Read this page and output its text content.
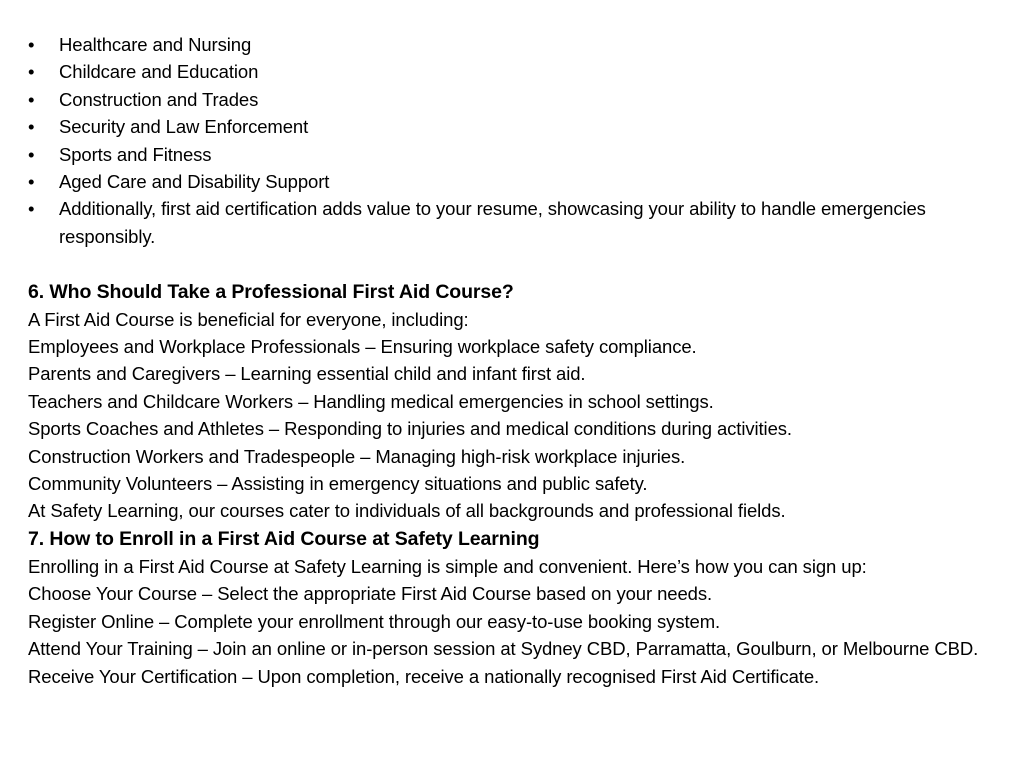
•	Healthcare and Nursing
•	Childcare and Education
•	Construction and Trades
•	Security and Law Enforcement
•	Sports and Fitness
•	Aged Care and Disability Support
•	Additionally, first aid certification adds value to your resume, showcasing your ability to handle emergencies responsibly.
6. Who Should Take a Professional First Aid Course?

A First Aid Course is beneficial for everyone, including:

Employees and Workplace Professionals – Ensuring workplace safety compliance.

Parents and Caregivers – Learning essential child and infant first aid.

Teachers and Childcare Workers – Handling medical emergencies in school settings.

Sports Coaches and Athletes – Responding to injuries and medical conditions during activities.

Construction Workers and Tradespeople – Managing high-risk workplace injuries.

Community Volunteers – Assisting in emergency situations and public safety.

At Safety Learning, our courses cater to individuals of all backgrounds and professional fields.

7. How to Enroll in a First Aid Course at Safety Learning

Enrolling in a First Aid Course at Safety Learning is simple and convenient. Here’s how you can sign up:

Choose Your Course – Select the appropriate First Aid Course based on your needs.

Register Online – Complete your enrollment through our easy-to-use booking system.

Attend Your Training – Join an online or in-person session at Sydney CBD, Parramatta, Goulburn, or Melbourne CBD.

Receive Your Certification – Upon completion, receive a nationally recognised First Aid Certificate.
